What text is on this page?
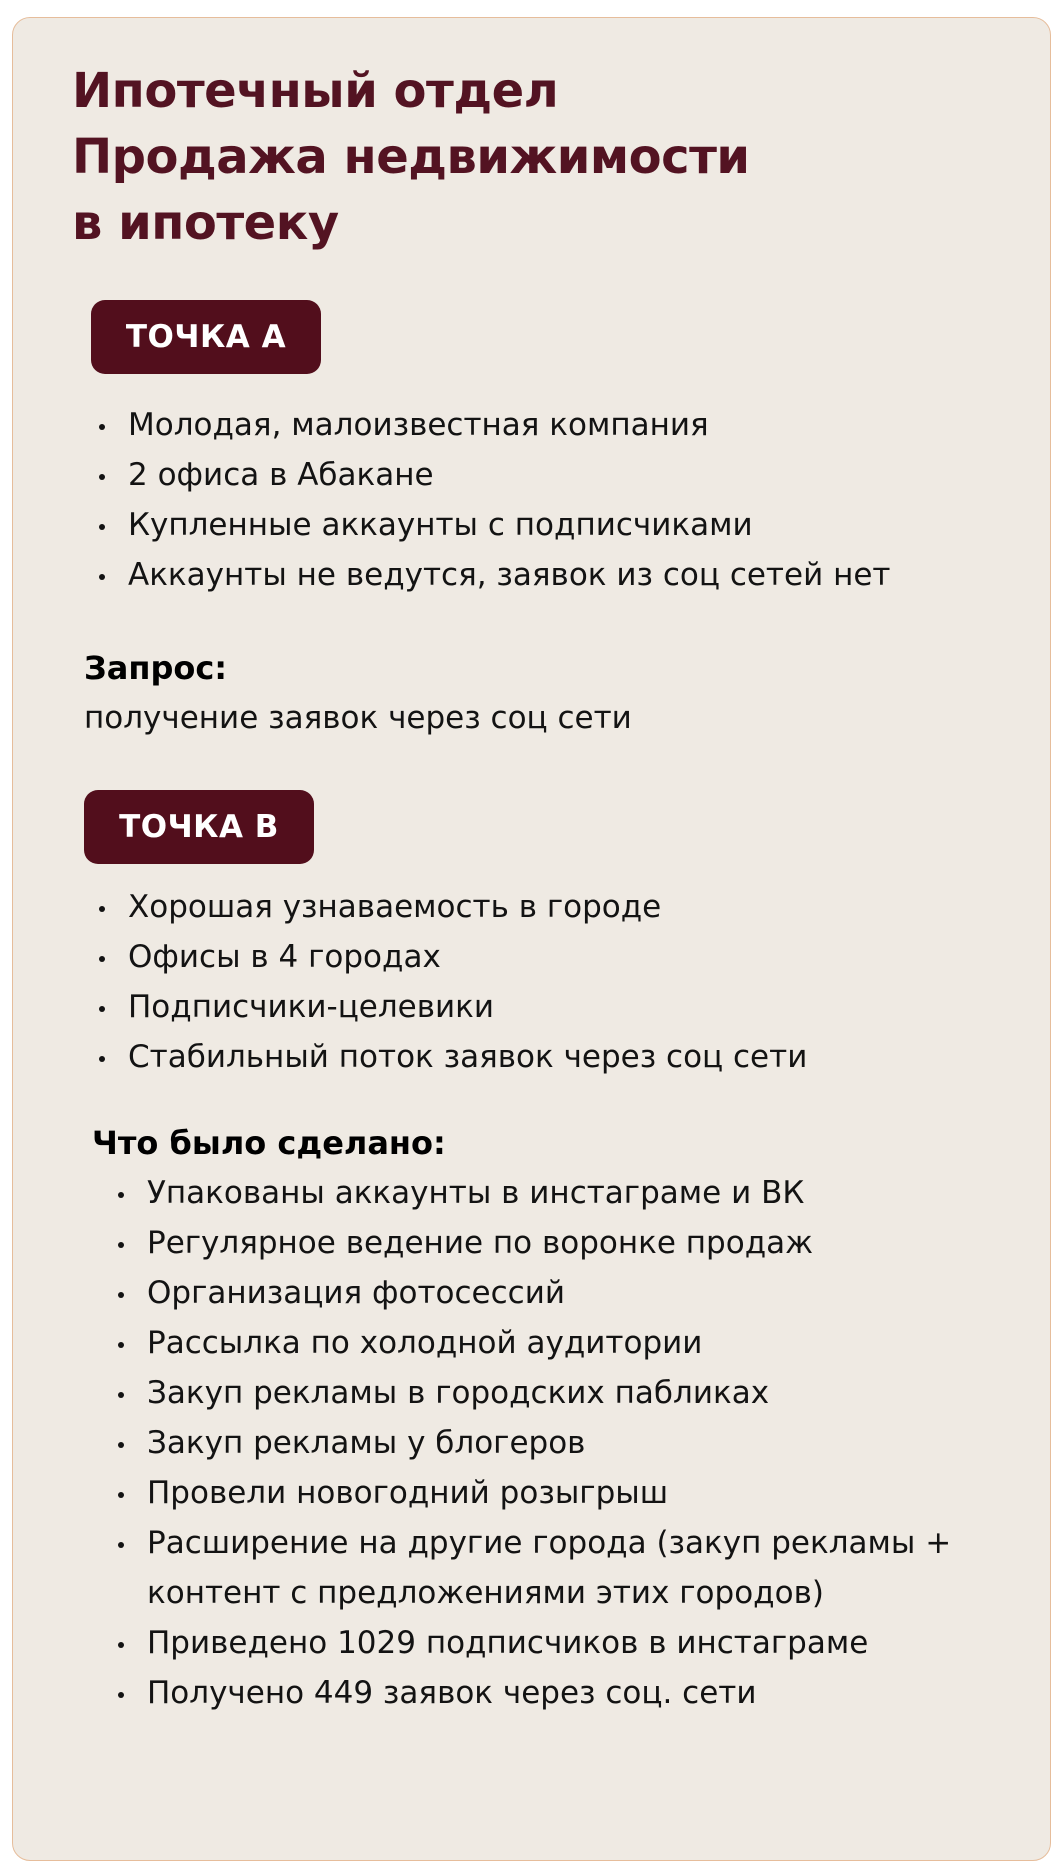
Ипотечный отдел
Продажа недвижимости
в ипотеку
ТОЧКА А
Молодая, малоизвестная компания
2 офиса в Абакане
Купленные аккаунты с подписчиками
Аккаунты не ведутся, заявок из соц сетей нет
Запрос:

получение заявок через соц сети

ТОЧКА В
Хорошая узнаваемость в городе
Офисы в 4 городах
Подписчики-целевики
Стабильный поток заявок через соц сети
Что было сделано:
Упакованы аккаунты в инстаграме и ВК
Регулярное ведение по воронке продаж
Организация фотосессий
Рассылка по холодной аудитории
Закуп рекламы в городских пабликах
Закуп рекламы у блогеров
Провели новогодний розыгрыш
Расширение на другие города (закуп рекламы + контент с предложениями этих городов)
Приведено 1029 подписчиков в инстаграме
Получено 449 заявок через соц. сети
